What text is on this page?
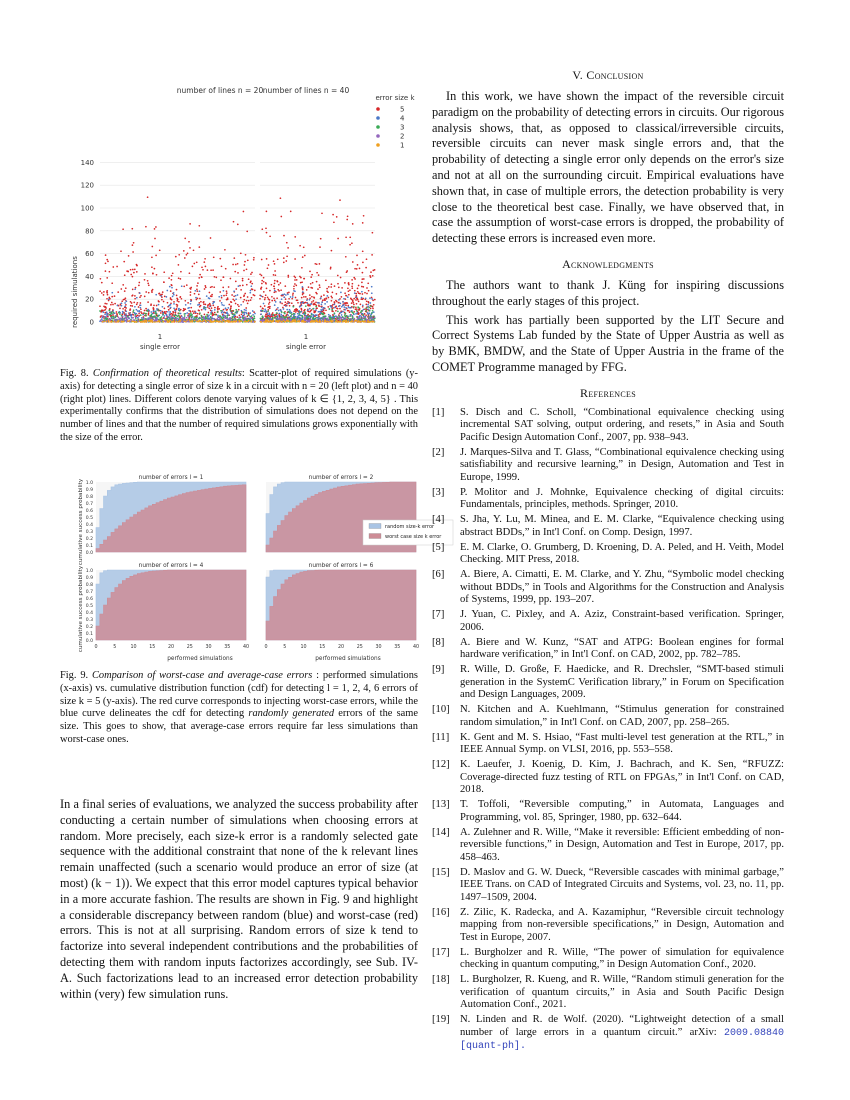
number of lines n = 20 number of lines n = 40
required simulations 0
20
40
60
80
100
120
140
1	1
single error	single error
error size k
5
4
3
2
1
Fig. 8. Confirmation of theoretical results: Scatter-plot of required simulations (y-axis) for detecting a single error of size k in a circuit with n = 20 (left plot) and n = 40 (right plot) lines. Different colors denote varying values of k ∈ {1, 2, 3, 4, 5} . This experimentally confirms that the distribution of simulations does not depend on the number of lines and that the number of required simulations grows exponentially with the size of the error.
cumulative success probability
cumulative success probability
number of errors l = 1
0.0
0.1
0.2
0.3
0.4
0.5
0.6
0.7
0.8
0.9
1.0
number of errors l = 2
number of errors l = 4
0.0
0.1
0.2
0.3
0.4
0.5
0.6
0.7
0.8
0.9
1.0
0	5	10	15	20	25	30	35	40
number of errors l = 6
0	5	10	15	20	25	30	35	40
performed simulations	performed simulations
random size-k error
worst case size k error
Fig. 9. Comparison of worst-case and average-case errors : performed simulations (x-axis) vs. cumulative distribution function (cdf) for detecting l = 1, 2, 4, 6 errors of size k = 5 (y-axis). The red curve corresponds to injecting worst-case errors, while the blue curve delineates the cdf for detecting randomly generated errors of the same size. This goes to show, that average-case errors require far less simulations than worst-case ones.

In a final series of evaluations, we analyzed the success probability after conducting a certain number of simulations when choosing errors at random. More precisely, each size-k error is a randomly selected gate sequence with the additional constraint that none of the k relevant lines remain unaffected (such a scenario would produce an error of size (at most) (k − 1)). We expect that this error model captures typical behavior in a more accurate fashion. The results are shown in Fig. 9 and highlight a considerable discrepancy between random (blue) and worst-case (red) errors. This is not at all surprising. Random errors of size k tend to factorize into several independent contributions and the probabilities of detecting them with random inputs factorizes accordingly, see Sub. IV-A. Such factorizations lead to an increased error detection probability within (very) few simulation runs.

V. Conclusion

In this work, we have shown the impact of the reversible circuit paradigm on the probability of detecting errors in circuits. Our rigorous analysis shows, that, as opposed to classical/irreversible circuits, reversible circuits can never mask single errors and, that the probability of detecting a single error only depends on the error's size and not at all on the surrounding circuit. Empirical evaluations have shown that, in case of multiple errors, the detection probability is very close to the theoretical best case. Finally, we have observed that, in case the assumption of worst-case errors is dropped, the probability of detecting these errors is increased even more.

Acknowledgments

The authors want to thank J. Küng for inspiring discussions throughout the early stages of this project.

This work has partially been supported by the LIT Secure and Correct Systems Lab funded by the State of Upper Austria as well as by BMK, BMDW, and the State of Upper Austria in the frame of the COMET Programme managed by FFG.

References
[1]	S. Disch and C. Scholl, “Combinational equivalence checking using incremental SAT solving, output ordering, and resets,” in Asia and South Pacific Design Automation Conf., 2007, pp. 938–943.
[2]	J. Marques-Silva and T. Glass, “Combinational equivalence checking using satisfiability and recursive learning,” in Design, Automation and Test in Europe, 1999.
[3]	P. Molitor and J. Mohnke, Equivalence checking of digital circuits: Fundamentals, principles, methods. Springer, 2010.
[4]	S. Jha, Y. Lu, M. Minea, and E. M. Clarke, “Equivalence checking using abstract BDDs,” in Int'l Conf. on Comp. Design, 1997.
[5]	E. M. Clarke, O. Grumberg, D. Kroening, D. A. Peled, and H. Veith, Model Checking. MIT Press, 2018.
[6]	A. Biere, A. Cimatti, E. M. Clarke, and Y. Zhu, “Symbolic model checking without BDDs,” in Tools and Algorithms for the Construction and Analysis of Systems, 1999, pp. 193–207.
[7]	J. Yuan, C. Pixley, and A. Aziz, Constraint-based verification. Springer, 2006.
[8]	A. Biere and W. Kunz, “SAT and ATPG: Boolean engines for formal hardware verification,” in Int'l Conf. on CAD, 2002, pp. 782–785.
[9]	R. Wille, D. Große, F. Haedicke, and R. Drechsler, “SMT-based stimuli generation in the SystemC Verification library,” in Forum on Specification and Design Languages, 2009.
[10] N. Kitchen and A. Kuehlmann, “Stimulus generation for constrained random simulation,” in Int'l Conf. on CAD, 2007, pp. 258–265.
[11]	K. Gent and M. S. Hsiao, “Fast multi-level test generation at the RTL,” in IEEE Annual Symp. on VLSI, 2016, pp. 553–558.
[12] K. Laeufer, J. Koenig, D. Kim, J. Bachrach, and K. Sen, “RFUZZ: Coverage-directed fuzz testing of RTL on FPGAs,” in Int'l Conf. on CAD, 2018.
[13] T. Toffoli, “Reversible computing,” in Automata, Languages and Programming, vol. 85, Springer, 1980, pp. 632–644.
[14] A. Zulehner and R. Wille, “Make it reversible: Efficient embedding of non-reversible functions,” in Design, Automation and Test in Europe, 2017, pp. 458–463.
[15] D. Maslov and G. W. Dueck, “Reversible cascades with minimal garbage,” IEEE Trans. on CAD of Integrated Circuits and Systems, vol. 23, no. 11, pp. 1497–1509, 2004.
[16] Z. Zilic, K. Radecka, and A. Kazamiphur, “Reversible circuit technology mapping from non-reversible specifications,” in Design, Automation and Test in Europe, 2007.
[17] L. Burgholzer and R. Wille, “The power of simulation for equivalence checking in quantum computing,” in Design Automation Conf., 2020.
[18] L. Burgholzer, R. Kueng, and R. Wille, “Random stimuli generation for the verification of quantum circuits,” in Asia and South Pacific Design Automation Conf., 2021.
[19] N. Linden and R. de Wolf. (2020). “Lightweight detection of a small number of large errors in a quantum circuit.” arXiv: 2009.08840 [quant-ph].
